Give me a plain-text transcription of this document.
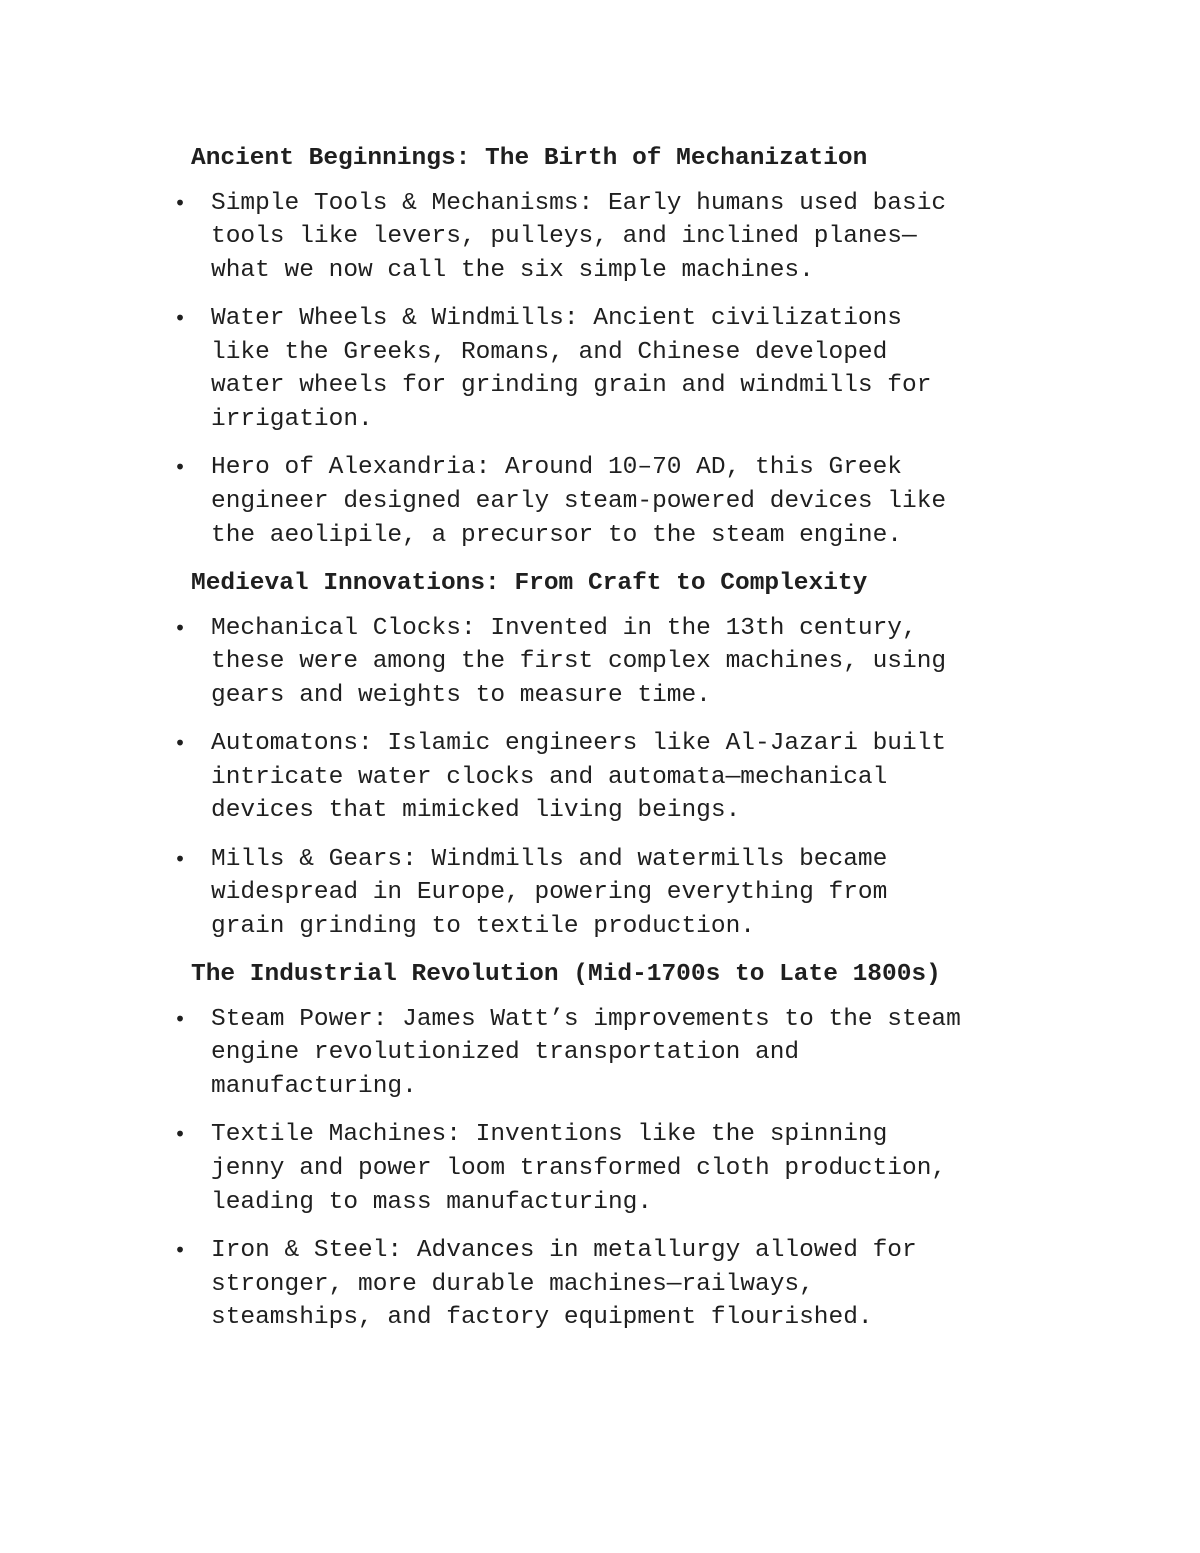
Ancient Beginnings: The Birth of Mechanization
• Simple Tools & Mechanisms: Early humans used basic
tools like levers, pulleys, and inclined planes—
what we now call the six simple machines.
• Water Wheels & Windmills: Ancient civilizations
like the Greeks, Romans, and Chinese developed
water wheels for grinding grain and windmills for
irrigation.
• Hero of Alexandria: Around 10–70 AD, this Greek
engineer designed early steam-powered devices like
the aeolipile, a precursor to the steam engine.
Medieval Innovations: From Craft to Complexity
• Mechanical Clocks: Invented in the 13th century,
these were among the first complex machines, using
gears and weights to measure time.
• Automatons: Islamic engineers like Al-Jazari built
intricate water clocks and automata—mechanical
devices that mimicked living beings.
• Mills & Gears: Windmills and watermills became
widespread in Europe, powering everything from
grain grinding to textile production.
The Industrial Revolution (Mid-1700s to Late 1800s)
• Steam Power: James Watt’s improvements to the steam
engine revolutionized transportation and
manufacturing.
• Textile Machines: Inventions like the spinning
jenny and power loom transformed cloth production,
leading to mass manufacturing.
• Iron & Steel: Advances in metallurgy allowed for
stronger, more durable machines—railways,
steamships, and factory equipment flourished.
